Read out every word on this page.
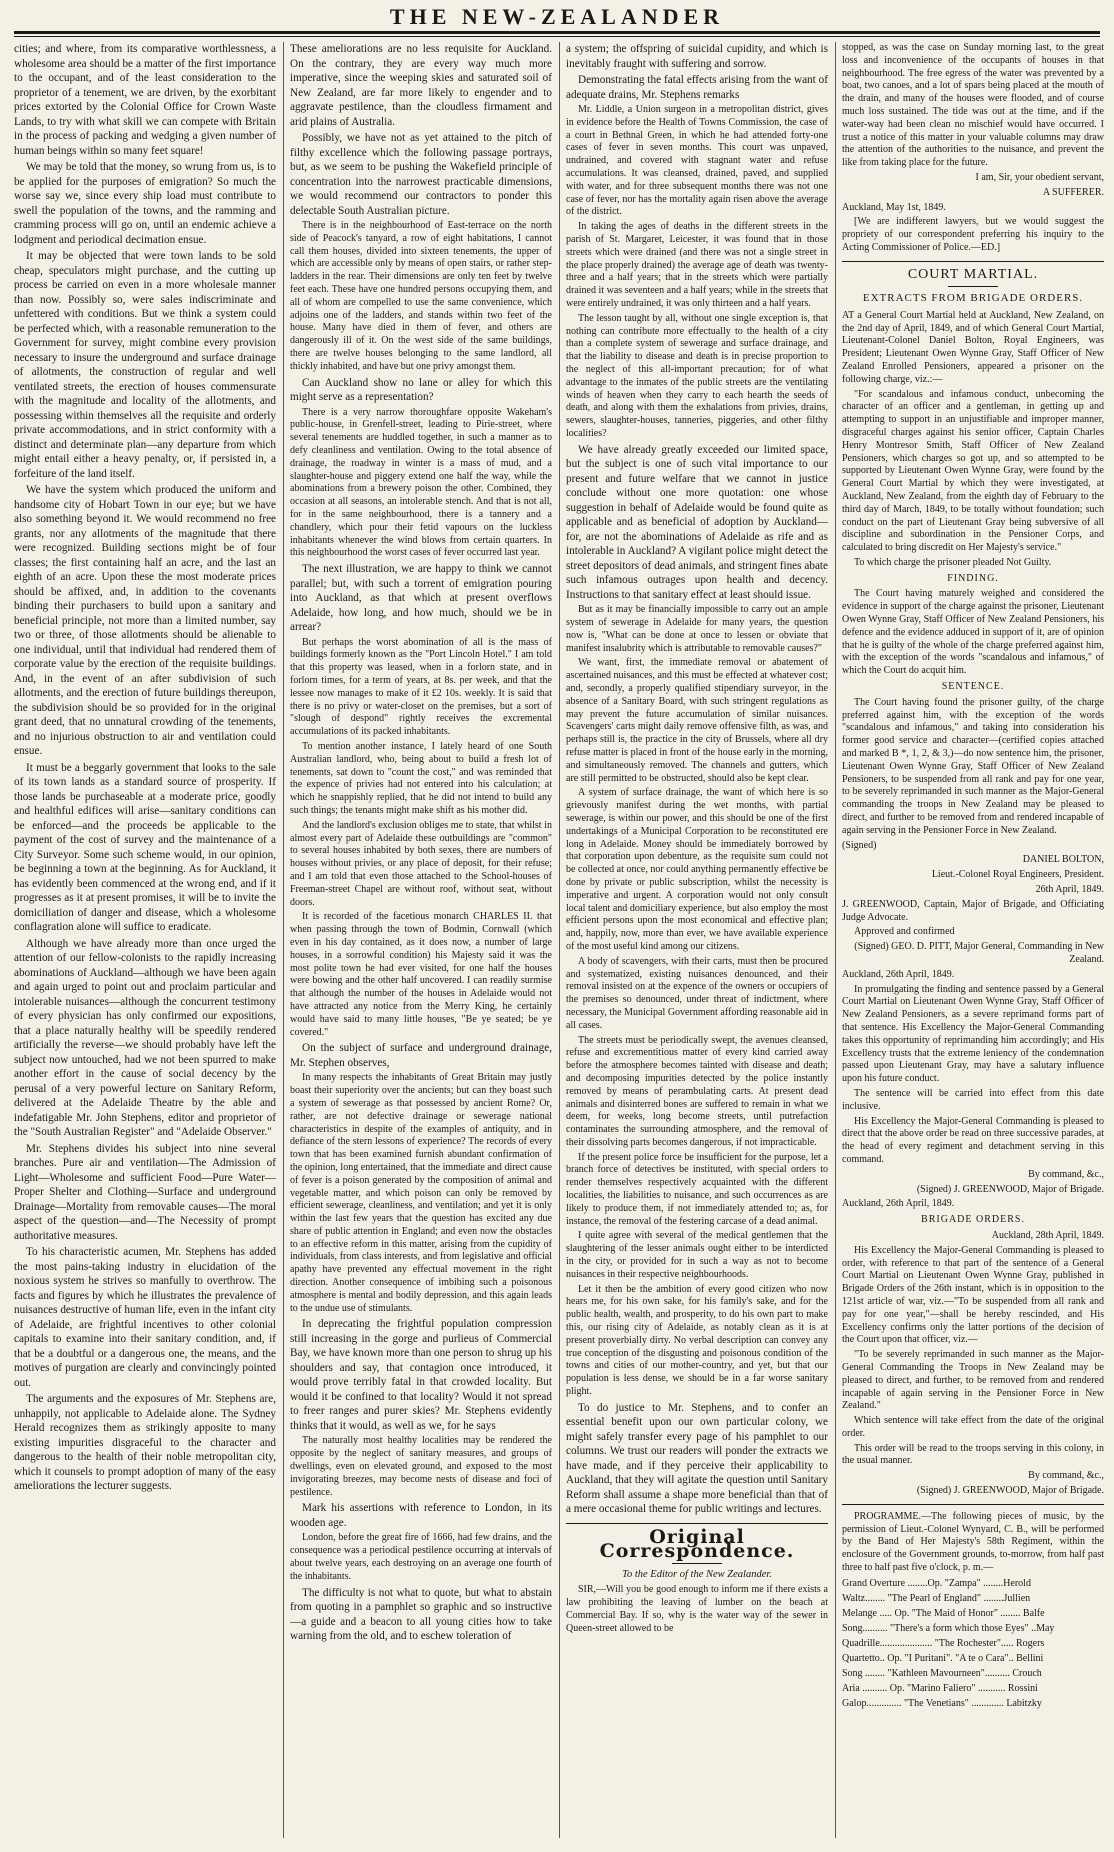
THE NEW-ZEALANDER

cities; and where, from its comparative worthlessness, a wholesome area should be a matter of the first importance to the occupant, and of the least consideration to the proprietor of a tenement, we are driven, by the exorbitant prices extorted by the Colonial Office for Crown Waste Lands, to try with what skill we can compete with Britain in the process of packing and wedging a given number of human beings within so many feet square!

We may be told that the money, so wrung from us, is to be applied for the purposes of emigration? So much the worse say we, since every ship load must contribute to swell the population of the towns, and the ramming and cramming process will go on, until an endemic achieve a lodgment and periodical decimation ensue.

It may be objected that were town lands to be sold cheap, speculators might purchase, and the cutting up process be carried on even in a more wholesale manner than now. Possibly so, were sales indiscriminate and unfettered with conditions. But we think a system could be perfected which, with a reasonable remuneration to the Government for survey, might combine every provision necessary to insure the underground and surface drainage of allotments, the construction of regular and well ventilated streets, the erection of houses commensurate with the magnitude and locality of the allotments, and possessing within themselves all the requisite and orderly private accommodations, and in strict conformity with a distinct and determinate plan—any departure from which might entail either a heavy penalty, or, if persisted in, a forfeiture of the land itself.

We have the system which produced the uniform and handsome city of Hobart Town in our eye; but we have also something beyond it. We would recommend no free grants, nor any allotments of the magnitude that there were recognized. Building sections might be of four classes; the first containing half an acre, and the last an eighth of an acre. Upon these the most moderate prices should be affixed, and, in addition to the covenants binding their purchasers to build upon a sanitary and beneficial principle, not more than a limited number, say two or three, of those allotments should be alienable to one individual, until that individual had rendered them of corporate value by the erection of the requisite buildings. And, in the event of an after subdivision of such allotments, and the erection of future buildings thereupon, the subdivision should be so provided for in the original grant deed, that no unnatural crowding of the tenements, and no injurious obstruction to air and ventilation could ensue.

It must be a beggarly government that looks to the sale of its town lands as a standard source of prosperity. If those lands be purchaseable at a moderate price, goodly and healthful edifices will arise—sanitary conditions can be enforced—and the proceeds be applicable to the payment of the cost of survey and the maintenance of a City Surveyor. Some such scheme would, in our opinion, be beginning a town at the beginning. As for Auckland, it has evidently been commenced at the wrong end, and if it progresses as it at present promises, it will be to invite the domiciliation of danger and disease, which a wholesome conflagration alone will suffice to eradicate.

Although we have already more than once urged the attention of our fellow-colonists to the rapidly increasing abominations of Auckland—although we have been again and again urged to point out and proclaim particular and intolerable nuisances—although the concurrent testimony of every physician has only confirmed our expositions, that a place naturally healthy will be speedily rendered artificially the reverse—we should probably have left the subject now untouched, had we not been spurred to make another effort in the cause of social decency by the perusal of a very powerful lecture on Sanitary Reform, delivered at the Adelaide Theatre by the able and indefatigable Mr. John Stephens, editor and proprietor of the "South Australian Register" and "Adelaide Observer."

Mr. Stephens divides his subject into nine several branches. Pure air and ventilation—The Admission of Light—Wholesome and sufficient Food—Pure Water—Proper Shelter and Clothing—Surface and underground Drainage—Mortality from removable causes—The moral aspect of the question—and—The Necessity of prompt authoritative measures.

To his characteristic acumen, Mr. Stephens has added the most pains-taking industry in elucidation of the noxious system he strives so manfully to overthrow. The facts and figures by which he illustrates the prevalence of nuisances destructive of human life, even in the infant city of Adelaide, are frightful incentives to other colonial capitals to examine into their sanitary condition, and, if that be a doubtful or a dangerous one, the means, and the motives of purgation are clearly and convincingly pointed out.

The arguments and the exposures of Mr. Stephens are, unhappily, not applicable to Adelaide alone. The Sydney Herald recognizes them as strikingly apposite to many existing impurities disgraceful to the character and dangerous to the health of their noble metropolitan city, which it counsels to prompt adoption of many of the easy ameliorations the lecturer suggests.

These ameliorations are no less requisite for Auckland. On the contrary, they are every way much more imperative, since the weeping skies and saturated soil of New Zealand, are far more likely to engender and to aggravate pestilence, than the cloudless firmament and arid plains of Australia.

Possibly, we have not as yet attained to the pitch of filthy excellence which the following passage portrays, but, as we seem to be pushing the Wakefield principle of concentration into the narrowest practicable dimensions, we would recommend our contractors to ponder this delectable South Australian picture.

There is in the neighbourhood of East-terrace on the north side of Peacock's tanyard, a row of eight habitations, I cannot call them houses, divided into sixteen tenements, the upper of which are accessible only by means of open stairs, or rather step-ladders in the rear. Their dimensions are only ten feet by twelve feet each. These have one hundred persons occupying them, and all of whom are compelled to use the same convenience, which adjoins one of the ladders, and stands within two feet of the house. Many have died in them of fever, and others are dangerously ill of it. On the west side of the same buildings, there are twelve houses belonging to the same landlord, all thickly inhabited, and have but one privy amongst them.

Can Auckland show no lane or alley for which this might serve as a representation?

There is a very narrow thoroughfare opposite Wakeham's public-house, in Grenfell-street, leading to Pirie-street, where several tenements are huddled together, in such a manner as to defy cleanliness and ventilation. Owing to the total absence of drainage, the roadway in winter is a mass of mud, and a slaughter-house and piggery extend one half the way, while the abominations from a brewery poison the other. Combined, they occasion at all seasons, an intolerable stench. And that is not all, for in the same neighbourhood, there is a tannery and a chandlery, which pour their fetid vapours on the luckless inhabitants whenever the wind blows from certain quarters. In this neighbourhood the worst cases of fever occurred last year.

The next illustration, we are happy to think we cannot parallel; but, with such a torrent of emigration pouring into Auckland, as that which at present overflows Adelaide, how long, and how much, should we be in arrear?

But perhaps the worst abomination of all is the mass of buildings formerly known as the "Port Lincoln Hotel." I am told that this property was leased, when in a forlorn state, and in forlorn times, for a term of years, at 8s. per week, and that the lessee now manages to make of it £2 10s. weekly. It is said that there is no privy or water-closet on the premises, but a sort of "slough of despond" rightly receives the excremental accumulations of its packed inhabitants.

To mention another instance, I lately heard of one South Australian landlord, who, being about to build a fresh lot of tenements, sat down to "count the cost," and was reminded that the expence of privies had not entered into his calculation; at which he snappishly replied, that he did not intend to build any such things; the tenants might make shift as his mother did.

And the landlord's exclusion obliges me to state, that whilst in almost every part of Adelaide these outbuildings are "common" to several houses inhabited by both sexes, there are numbers of houses without privies, or any place of deposit, for their refuse; and I am told that even those attached to the School-houses of Freeman-street Chapel are without roof, without seat, without doors.

It is recorded of the facetious monarch CHARLES II. that when passing through the town of Bodmin, Cornwall (which even in his day contained, as it does now, a number of large houses, in a sorrowful condition) his Majesty said it was the most polite town he had ever visited, for one half the houses were bowing and the other half uncovered. I can readily surmise that although the number of the houses in Adelaide would not have attracted any notice from the Merry King, he certainly would have said to many little houses, "Be ye seated; be ye covered."

On the subject of surface and underground drainage, Mr. Stephen observes,

In many respects the inhabitants of Great Britain may justly boast their superiority over the ancients; but can they boast such a system of sewerage as that possessed by ancient Rome? Or, rather, are not defective drainage or sewerage national characteristics in despite of the examples of antiquity, and in defiance of the stern lessons of experience? The records of every town that has been examined furnish abundant confirmation of the opinion, long entertained, that the immediate and direct cause of fever is a poison generated by the composition of animal and vegetable matter, and which poison can only be removed by efficient sewerage, cleanliness, and ventilation; and yet it is only within the last few years that the question has excited any due share of public attention in England; and even now the obstacles to an effective reform in this matter, arising from the cupidity of individuals, from class interests, and from legislative and official apathy have prevented any effectual movement in the right direction. Another consequence of imbibing such a poisonous atmosphere is mental and bodily depression, and this again leads to the undue use of stimulants.

In deprecating the frightful population compression still increasing in the gorge and purlieus of Commercial Bay, we have known more than one person to shrug up his shoulders and say, that contagion once introduced, it would prove terribly fatal in that crowded locality. But would it be confined to that locality? Would it not spread to freer ranges and purer skies? Mr. Stephens evidently thinks that it would, as well as we, for he says

The naturally most healthy localities may be rendered the opposite by the neglect of sanitary measures, and groups of dwellings, even on elevated ground, and exposed to the most invigorating breezes, may become nests of disease and foci of pestilence.

Mark his assertions with reference to London, in its wooden age.

London, before the great fire of 1666, had few drains, and the consequence was a periodical pestilence occurring at intervals of about twelve years, each destroying on an average one fourth of the inhabitants.

The difficulty is not what to quote, but what to abstain from quoting in a pamphlet so graphic and so instructive—a guide and a beacon to all young cities how to take warning from the old, and to eschew toleration of

a system; the offspring of suicidal cupidity, and which is inevitably fraught with suffering and sorrow.

Demonstrating the fatal effects arising from the want of adequate drains, Mr. Stephens remarks

Mr. Liddle, a Union surgeon in a metropolitan district, gives in evidence before the Health of Towns Commission, the case of a court in Bethnal Green, in which he had attended forty-one cases of fever in seven months. This court was unpaved, undrained, and covered with stagnant water and refuse accumulations. It was cleansed, drained, paved, and supplied with water, and for three subsequent months there was not one case of fever, nor has the mortality again risen above the average of the district.

In taking the ages of deaths in the different streets in the parish of St. Margaret, Leicester, it was found that in those streets which were drained (and there was not a single street in the place properly drained) the average age of death was twenty-three and a half years; that in the streets which were partially drained it was seventeen and a half years; while in the streets that were entirely undrained, it was only thirteen and a half years.

The lesson taught by all, without one single exception is, that nothing can contribute more effectually to the health of a city than a complete system of sewerage and surface drainage, and that the liability to disease and death is in precise proportion to the neglect of this all-important precaution; for of what advantage to the inmates of the public streets are the ventilating winds of heaven when they carry to each hearth the seeds of death, and along with them the exhalations from privies, drains, sewers, slaughter-houses, tanneries, piggeries, and other filthy localities?

We have already greatly exceeded our limited space, but the subject is one of such vital importance to our present and future welfare that we cannot in justice conclude without one more quotation: one whose suggestion in behalf of Adelaide would be found quite as applicable and as beneficial of adoption by Auckland—for, are not the abominations of Adelaide as rife and as intolerable in Auckland? A vigilant police might detect the street depositors of dead animals, and stringent fines abate such infamous outrages upon health and decency. Instructions to that sanitary effect at least should issue.

But as it may be financially impossible to carry out an ample system of sewerage in Adelaide for many years, the question now is, "What can be done at once to lessen or obviate that manifest insalubrity which is attributable to removable causes?"

We want, first, the immediate removal or abatement of ascertained nuisances, and this must be effected at whatever cost; and, secondly, a properly qualified stipendiary surveyor, in the absence of a Sanitary Board, with such stringent regulations as may prevent the future accumulation of similar nuisances. Scavengers' carts might daily remove offensive filth, as was, and perhaps still is, the practice in the city of Brussels, where all dry refuse matter is placed in front of the house early in the morning, and simultaneously removed. The channels and gutters, which are still permitted to be obstructed, should also be kept clear.

A system of surface drainage, the want of which here is so grievously manifest during the wet months, with partial sewerage, is within our power, and this should be one of the first undertakings of a Municipal Corporation to be reconstituted ere long in Adelaide. Money should be immediately borrowed by that corporation upon debenture, as the requisite sum could not be collected at once, nor could anything permanently effective be done by private or public subscription, whilst the necessity is imperative and urgent. A corporation would not only consult local talent and domiciliary experience, but also employ the most efficient persons upon the most economical and effective plan; and, happily, now, more than ever, we have available experience of the most useful kind among our citizens.

A body of scavengers, with their carts, must then be procured and systematized, existing nuisances denounced, and their removal insisted on at the expence of the owners or occupiers of the premises so denounced, under threat of indictment, where necessary, the Municipal Government affording reasonable aid in all cases.

The streets must be periodically swept, the avenues cleansed, refuse and excrementitious matter of every kind carried away before the atmosphere becomes tainted with disease and death; and decomposing impurities detected by the police instantly removed by means of perambulating carts. At present dead animals and disinterred bones are suffered to remain in what we deem, for weeks, long become streets, until putrefaction contaminates the surrounding atmosphere, and the removal of their dissolving parts becomes dangerous, if not impracticable.

If the present police force be insufficient for the purpose, let a branch force of detectives be instituted, with special orders to render themselves respectively acquainted with the different localities, the liabilities to nuisance, and such occurrences as are likely to produce them, if not immediately attended to; as, for instance, the removal of the festering carcase of a dead animal.

I quite agree with several of the medical gentlemen that the slaughtering of the lesser animals ought either to be interdicted in the city, or provided for in such a way as not to become nuisances in their respective neighbourhoods.

Let it then be the ambition of every good citizen who now hears me, for his own sake, for his family's sake, and for the public health, wealth, and prosperity, to do his own part to make this, our rising city of Adelaide, as notably clean as it is at present proverbially dirty. No verbal description can convey any true conception of the disgusting and poisonous condition of the towns and cities of our mother-country, and yet, but that our population is less dense, we should be in a far worse sanitary plight.

To do justice to Mr. Stephens, and to confer an essential benefit upon our own particular colony, we might safely transfer every page of his pamphlet to our columns. We trust our readers will ponder the extracts we have made, and if they perceive their applicability to Auckland, that they will agitate the question until Sanitary Reform shall assume a shape more beneficial than that of a mere occasional theme for public writings and lectures.

Original Correspondence.

To the Editor of the New Zealander.

SIR,—Will you be good enough to inform me if there exists a law prohibiting the leaving of lumber on the beach at Commercial Bay. If so, why is the water way of the sewer in Queen-street allowed to be

stopped, as was the case on Sunday morning last, to the great loss and inconvenience of the occupants of houses in that neighbourhood. The free egress of the water was prevented by a boat, two canoes, and a lot of spars being placed at the mouth of the drain, and many of the houses were flooded, and of course much loss sustained. The tide was out at the time, and if the water-way had been clean no mischief would have occurred. I trust a notice of this matter in your valuable columns may draw the attention of the authorities to the nuisance, and prevent the like from taking place for the future.

I am, Sir, your obedient servant,

A SUFFERER.

Auckland, May 1st, 1849.

[We are indifferent lawyers, but we would suggest the propriety of our correspondent preferring his inquiry to the Acting Commissioner of Police.—ED.]

COURT MARTIAL.

EXTRACTS FROM BRIGADE ORDERS.

AT a General Court Martial held at Auckland, New Zealand, on the 2nd day of April, 1849, and of which General Court Martial, Lieutenant-Colonel Daniel Bolton, Royal Engineers, was President; Lieutenant Owen Wynne Gray, Staff Officer of New Zealand Enrolled Pensioners, appeared a prisoner on the following charge, viz.:—

"For scandalous and infamous conduct, unbecoming the character of an officer and a gentleman, in getting up and attempting to support in an unjustifiable and improper manner, disgraceful charges against his senior officer, Captain Charles Henry Montresor Smith, Staff Officer of New Zealand Pensioners, which charges so got up, and so attempted to be supported by Lieutenant Owen Wynne Gray, were found by the General Court Martial by which they were investigated, at Auckland, New Zealand, from the eighth day of February to the third day of March, 1849, to be totally without foundation; such conduct on the part of Lieutenant Gray being subversive of all discipline and subordination in the Pensioner Corps, and calculated to bring discredit on Her Majesty's service."

To which charge the prisoner pleaded Not Guilty.

FINDING.

The Court having maturely weighed and considered the evidence in support of the charge against the prisoner, Lieutenant Owen Wynne Gray, Staff Officer of New Zealand Pensioners, his defence and the evidence adduced in support of it, are of opinion that he is guilty of the whole of the charge preferred against him, with the exception of the words "scandalous and infamous," of which the Court do acquit him.

SENTENCE.

The Court having found the prisoner guilty, of the charge preferred against him, with the exception of the words "scandalous and infamous," and taking into consideration his former good service and character—(certified copies attached and marked B *, 1, 2, & 3,)—do now sentence him, the prisoner, Lieutenant Owen Wynne Gray, Staff Officer of New Zealand Pensioners, to be suspended from all rank and pay for one year, to be severely reprimanded in such manner as the Major-General commanding the troops in New Zealand may be pleased to direct, and further to be removed from and rendered incapable of again serving in the Pensioner Force in New Zealand.

(Signed)

DANIEL BOLTON,

Lieut.-Colonel Royal Engineers, President.

26th April, 1849.

J. GREENWOOD, Captain, Major of Brigade, and Officiating Judge Advocate.

Approved and confirmed

(Signed) GEO. D. PITT, Major General, Commanding in New Zealand.

Auckland, 26th April, 1849.

In promulgating the finding and sentence passed by a General Court Martial on Lieutenant Owen Wynne Gray, Staff Officer of New Zealand Pensioners, as a severe reprimand forms part of that sentence. His Excellency the Major-General Commanding takes this opportunity of reprimanding him accordingly; and His Excellency trusts that the extreme leniency of the condemnation passed upon Lieutenant Gray, may have a salutary influence upon his future conduct.

The sentence will be carried into effect from this date inclusive.

His Excellency the Major-General Commanding is pleased to direct that the above order be read on three successive parades, at the head of every regiment and detachment serving in this command.

By command, &c.,

(Signed) J. GREENWOOD, Major of Brigade.

Auckland, 26th April, 1849.

BRIGADE ORDERS.

Auckland, 28th April, 1849.

His Excellency the Major-General Commanding is pleased to order, with reference to that part of the sentence of a General Court Martial on Lieutenant Owen Wynne Gray, published in Brigade Orders of the 26th instant, which is in opposition to the 121st article of war, viz.—"To be suspended from all rank and pay for one year,"—shall be hereby rescinded, and His Excellency confirms only the latter portions of the decision of the Court upon that officer, viz.—

"To be severely reprimanded in such manner as the Major-General Commanding the Troops in New Zealand may be pleased to direct, and further, to be removed from and rendered incapable of again serving in the Pensioner Force in New Zealand."

Which sentence will take effect from the date of the original order.

This order will be read to the troops serving in this colony, in the usual manner.

By command, &c.,

(Signed) J. GREENWOOD, Major of Brigade.

PROGRAMME.—The following pieces of music, by the permission of Lieut.-Colonel Wynyard, C. B., will be performed by the Band of Her Majesty's 58th Regiment, within the enclosure of the Government grounds, to-morrow, from half past three to half past five o'clock, p. m.—

Grand Overture ........Op. "Zampa" ........Herold

Waltz........ "The Pearl of England" ........Jullien

Melange ..... Op. "The Maid of Honor" ........ Balfe

Song.......... "There's a form which those Eyes" ..May

Quadrille..................... "The Rochester"..... Rogers

Quartetto.. Op. "I Puritani". "A te o Cara".. Bellini

Song ........ "Kathleen Mavourneen".......... Crouch

Aria .......... Op. "Marino Faliero" ........... Rossini

Galop.............. "The Venetians" ............. Labitzky
